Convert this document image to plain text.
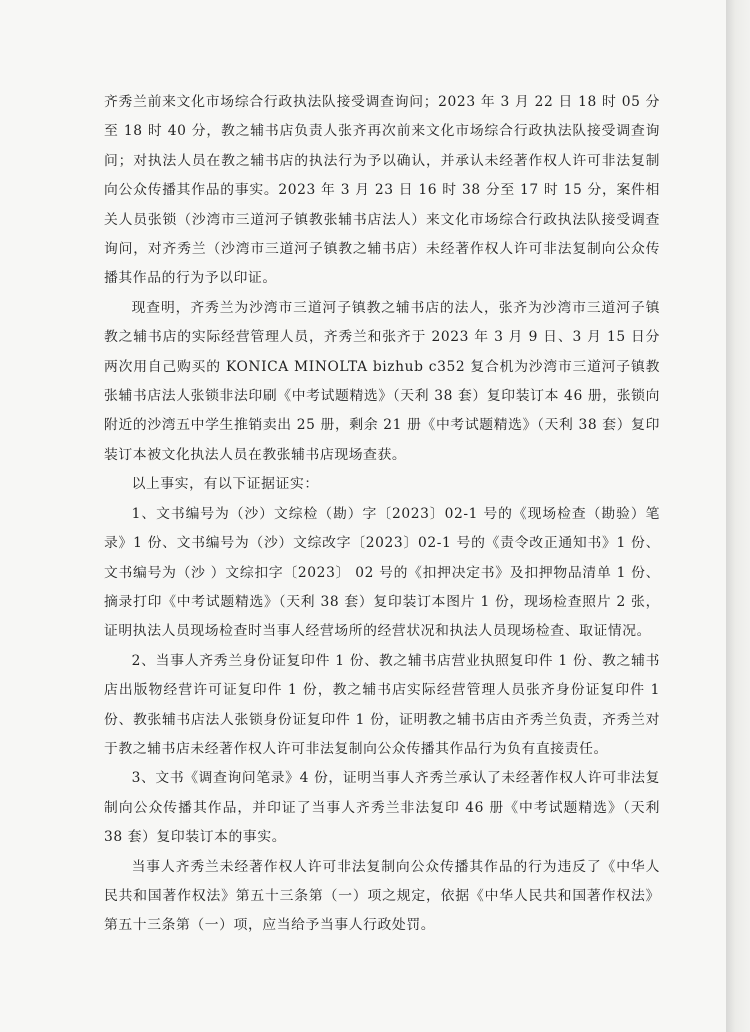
齐秀兰前来文化市场综合行政执法队接受调查询问；2023 年 3 月 22 日 18 时 05 分至 18 时 40 分，教之辅书店负责人张齐再次前来文化市场综合行政执法队接受调查询问；对执法人员在教之辅书店的执法行为予以确认，并承认未经著作权人许可非法复制向公众传播其作品的事实。2023 年 3 月 23 日 16 时 38 分至 17 时 15 分，案件相关人员张锁（沙湾市三道河子镇教张辅书店法人）来文化市场综合行政执法队接受调查询问，对齐秀兰（沙湾市三道河子镇教之辅书店）未经著作权人许可非法复制向公众传播其作品的行为予以印证。

现查明，齐秀兰为沙湾市三道河子镇教之辅书店的法人，张齐为沙湾市三道河子镇教之辅书店的实际经营管理人员，齐秀兰和张齐于 2023 年 3 月 9 日、3 月 15 日分两次用自己购买的 KONICA MINOLTA bizhub c352 复合机为沙湾市三道河子镇教张辅书店法人张锁非法印刷《中考试题精选》（天利 38 套）复印装订本 46 册，张锁向附近的沙湾五中学生推销卖出 25 册，剩余 21 册《中考试题精选》（天利 38 套）复印装订本被文化执法人员在教张辅书店现场查获。

以上事实，有以下证据证实：

1、文书编号为（沙）文综检（勘）字〔2023〕02-1 号的《现场检查（勘验）笔录》1 份、文书编号为（沙）文综改字〔2023〕02-1 号的《责令改正通知书》1 份、文书编号为（沙 ）文综扣字〔2023〕 02 号的《扣押决定书》及扣押物品清单 1 份、摘录打印《中考试题精选》（天利 38 套）复印装订本图片 1 份，现场检查照片 2 张，证明执法人员现场检查时当事人经营场所的经营状况和执法人员现场检查、取证情况。

2、当事人齐秀兰身份证复印件 1 份、教之辅书店营业执照复印件 1 份、教之辅书店出版物经营许可证复印件 1 份，教之辅书店实际经营管理人员张齐身份证复印件 1 份、教张辅书店法人张锁身份证复印件 1 份，证明教之辅书店由齐秀兰负责，齐秀兰对于教之辅书店未经著作权人许可非法复制向公众传播其作品行为负有直接责任。

3、文书《调查询问笔录》4 份，证明当事人齐秀兰承认了未经著作权人许可非法复制向公众传播其作品，并印证了当事人齐秀兰非法复印 46 册《中考试题精选》（天利 38 套）复印装订本的事实。

当事人齐秀兰未经著作权人许可非法复制向公众传播其作品的行为违反了《中华人民共和国著作权法》第五十三条第（一）项之规定，依据《中华人民共和国著作权法》第五十三条第（一）项，应当给予当事人行政处罚。
